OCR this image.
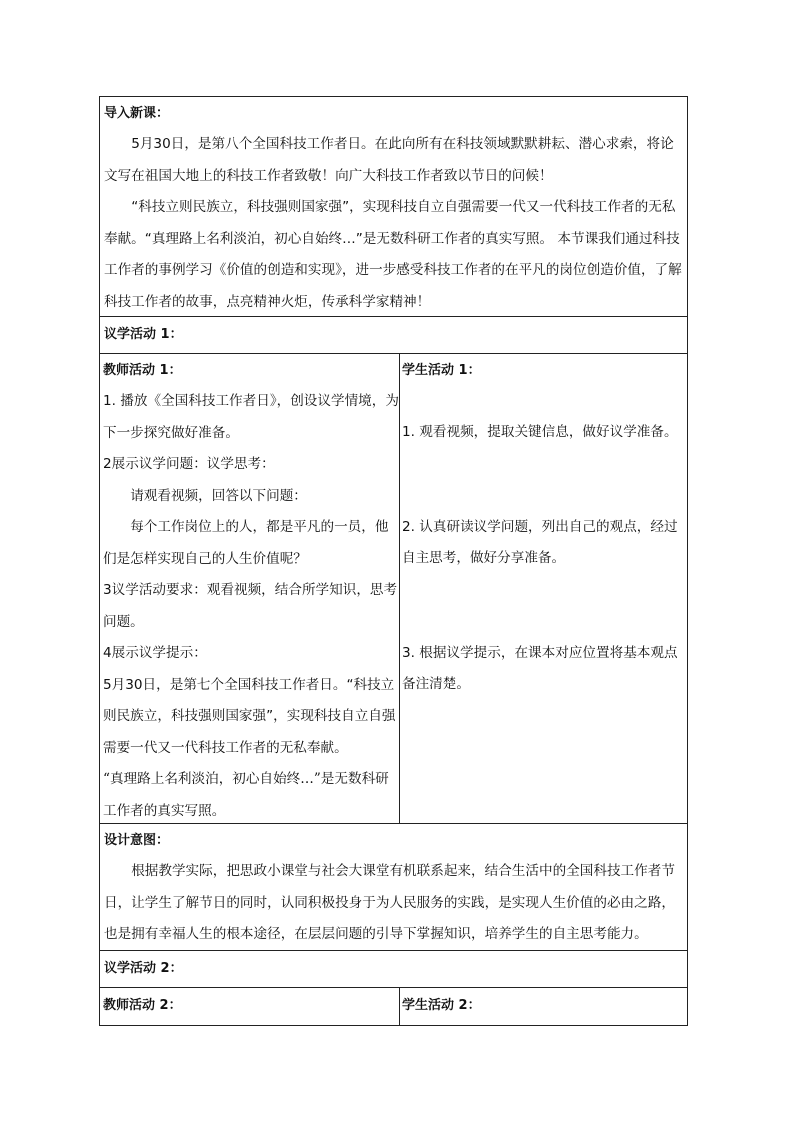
导入新课：

5月30日，是第八个全国科技工作者日。在此向所有在科技领域默默耕耘、潜心求索，将论文写在祖国大地上的科技工作者致敬！向广大科技工作者致以节日的问候！

“科技立则民族立，科技强则国家强”，实现科技自立自强需要一代又一代科技工作者的无私奉献。“真理路上名利淡泊，初心自始终…”是无数科研工作者的真实写照。 本节课我们通过科技工作者的事例学习《价值的创造和实现》，进一步感受科技工作者的在平凡的岗位创造价值，了解科技工作者的故事，点亮精神火炬，传承科学家精神！

议学活动 1：

教师活动 1：

1. 播放《全国科技工作者日》，创设议学情境，为下一步探究做好准备。

2展示议学问题：议学思考：

请观看视频，回答以下问题：

每个工作岗位上的人，都是平凡的一员，他们是怎样实现自己的人生价值呢？

3议学活动要求：观看视频，结合所学知识，思考问题。

4展示议学提示：

5月30日，是第七个全国科技工作者日。“科技立则民族立，科技强则国家强”，实现科技自立自强需要一代又一代科技工作者的无私奉献。

“真理路上名利淡泊，初心自始终…”是无数科研工作者的真实写照。

学生活动 1：

1. 观看视频，提取关键信息，做好议学准备。

2. 认真研读议学问题，列出自己的观点，经过自主思考，做好分享准备。

3. 根据议学提示，在课本对应位置将基本观点备注清楚。

设计意图：

根据教学实际，把思政小课堂与社会大课堂有机联系起来，结合生活中的全国科技工作者节日，让学生了解节日的同时，认同积极投身于为人民服务的实践，是实现人生价值的必由之路，也是拥有幸福人生的根本途径，在层层问题的引导下掌握知识，培养学生的自主思考能力。

议学活动 2：

教师活动 2：	学生活动 2：
